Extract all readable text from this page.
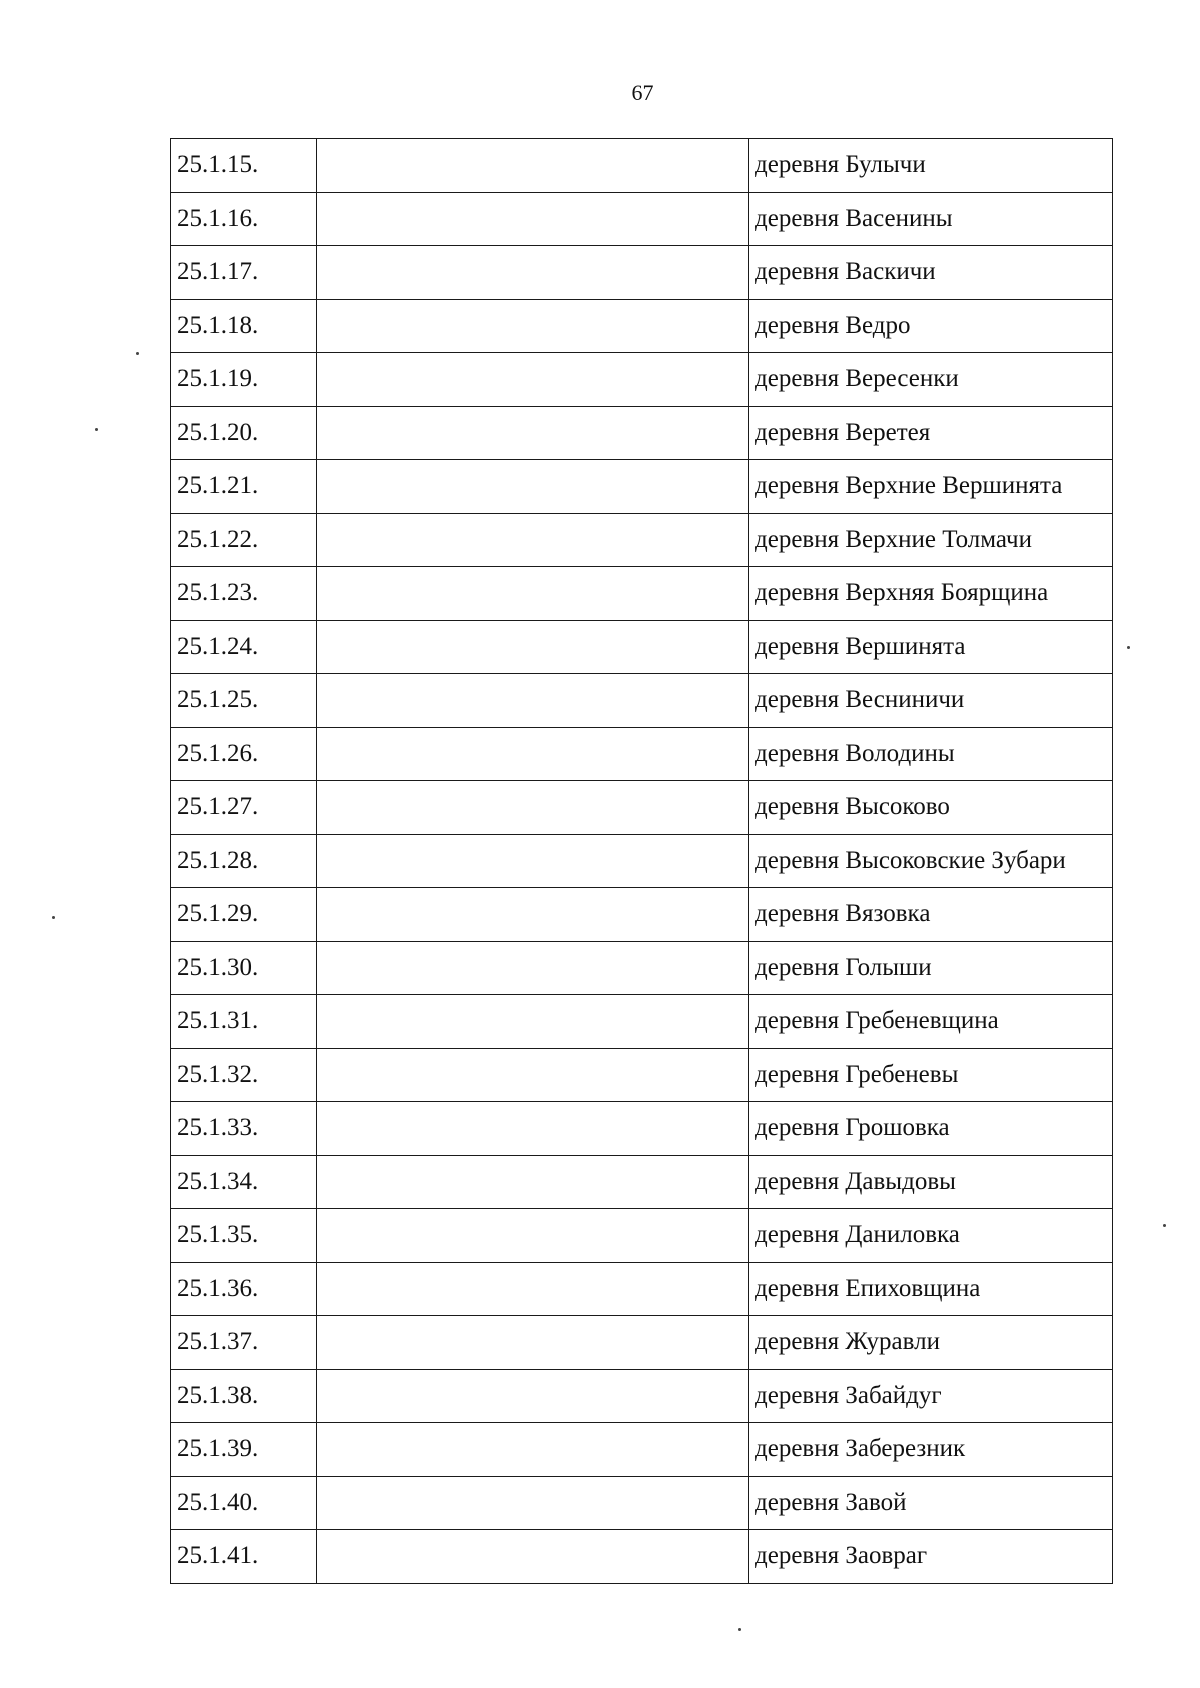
67
25.1.15.		деревня Булычи
25.1.16.		деревня Васенины
25.1.17.		деревня Васкичи
25.1.18.		деревня Ведро
25.1.19.		деревня Вересенки
25.1.20.		деревня Веретея
25.1.21.		деревня Верхние Вершинята
25.1.22.		деревня Верхние Толмачи
25.1.23.		деревня Верхняя Боярщина
25.1.24.		деревня Вершинята
25.1.25.		деревня Весниничи
25.1.26.		деревня Володины
25.1.27.		деревня Высоково
25.1.28.		деревня Высоковские Зубари
25.1.29.		деревня Вязовка
25.1.30.		деревня Голыши
25.1.31.		деревня Гребеневщина
25.1.32.		деревня Гребеневы
25.1.33.		деревня Грошовка
25.1.34.		деревня Давыдовы
25.1.35.		деревня Даниловка
25.1.36.		деревня Епиховщина
25.1.37.		деревня Журавли
25.1.38.		деревня Забайдуг
25.1.39.		деревня Заберезник
25.1.40.		деревня Завой
25.1.41.		деревня Заовраг
